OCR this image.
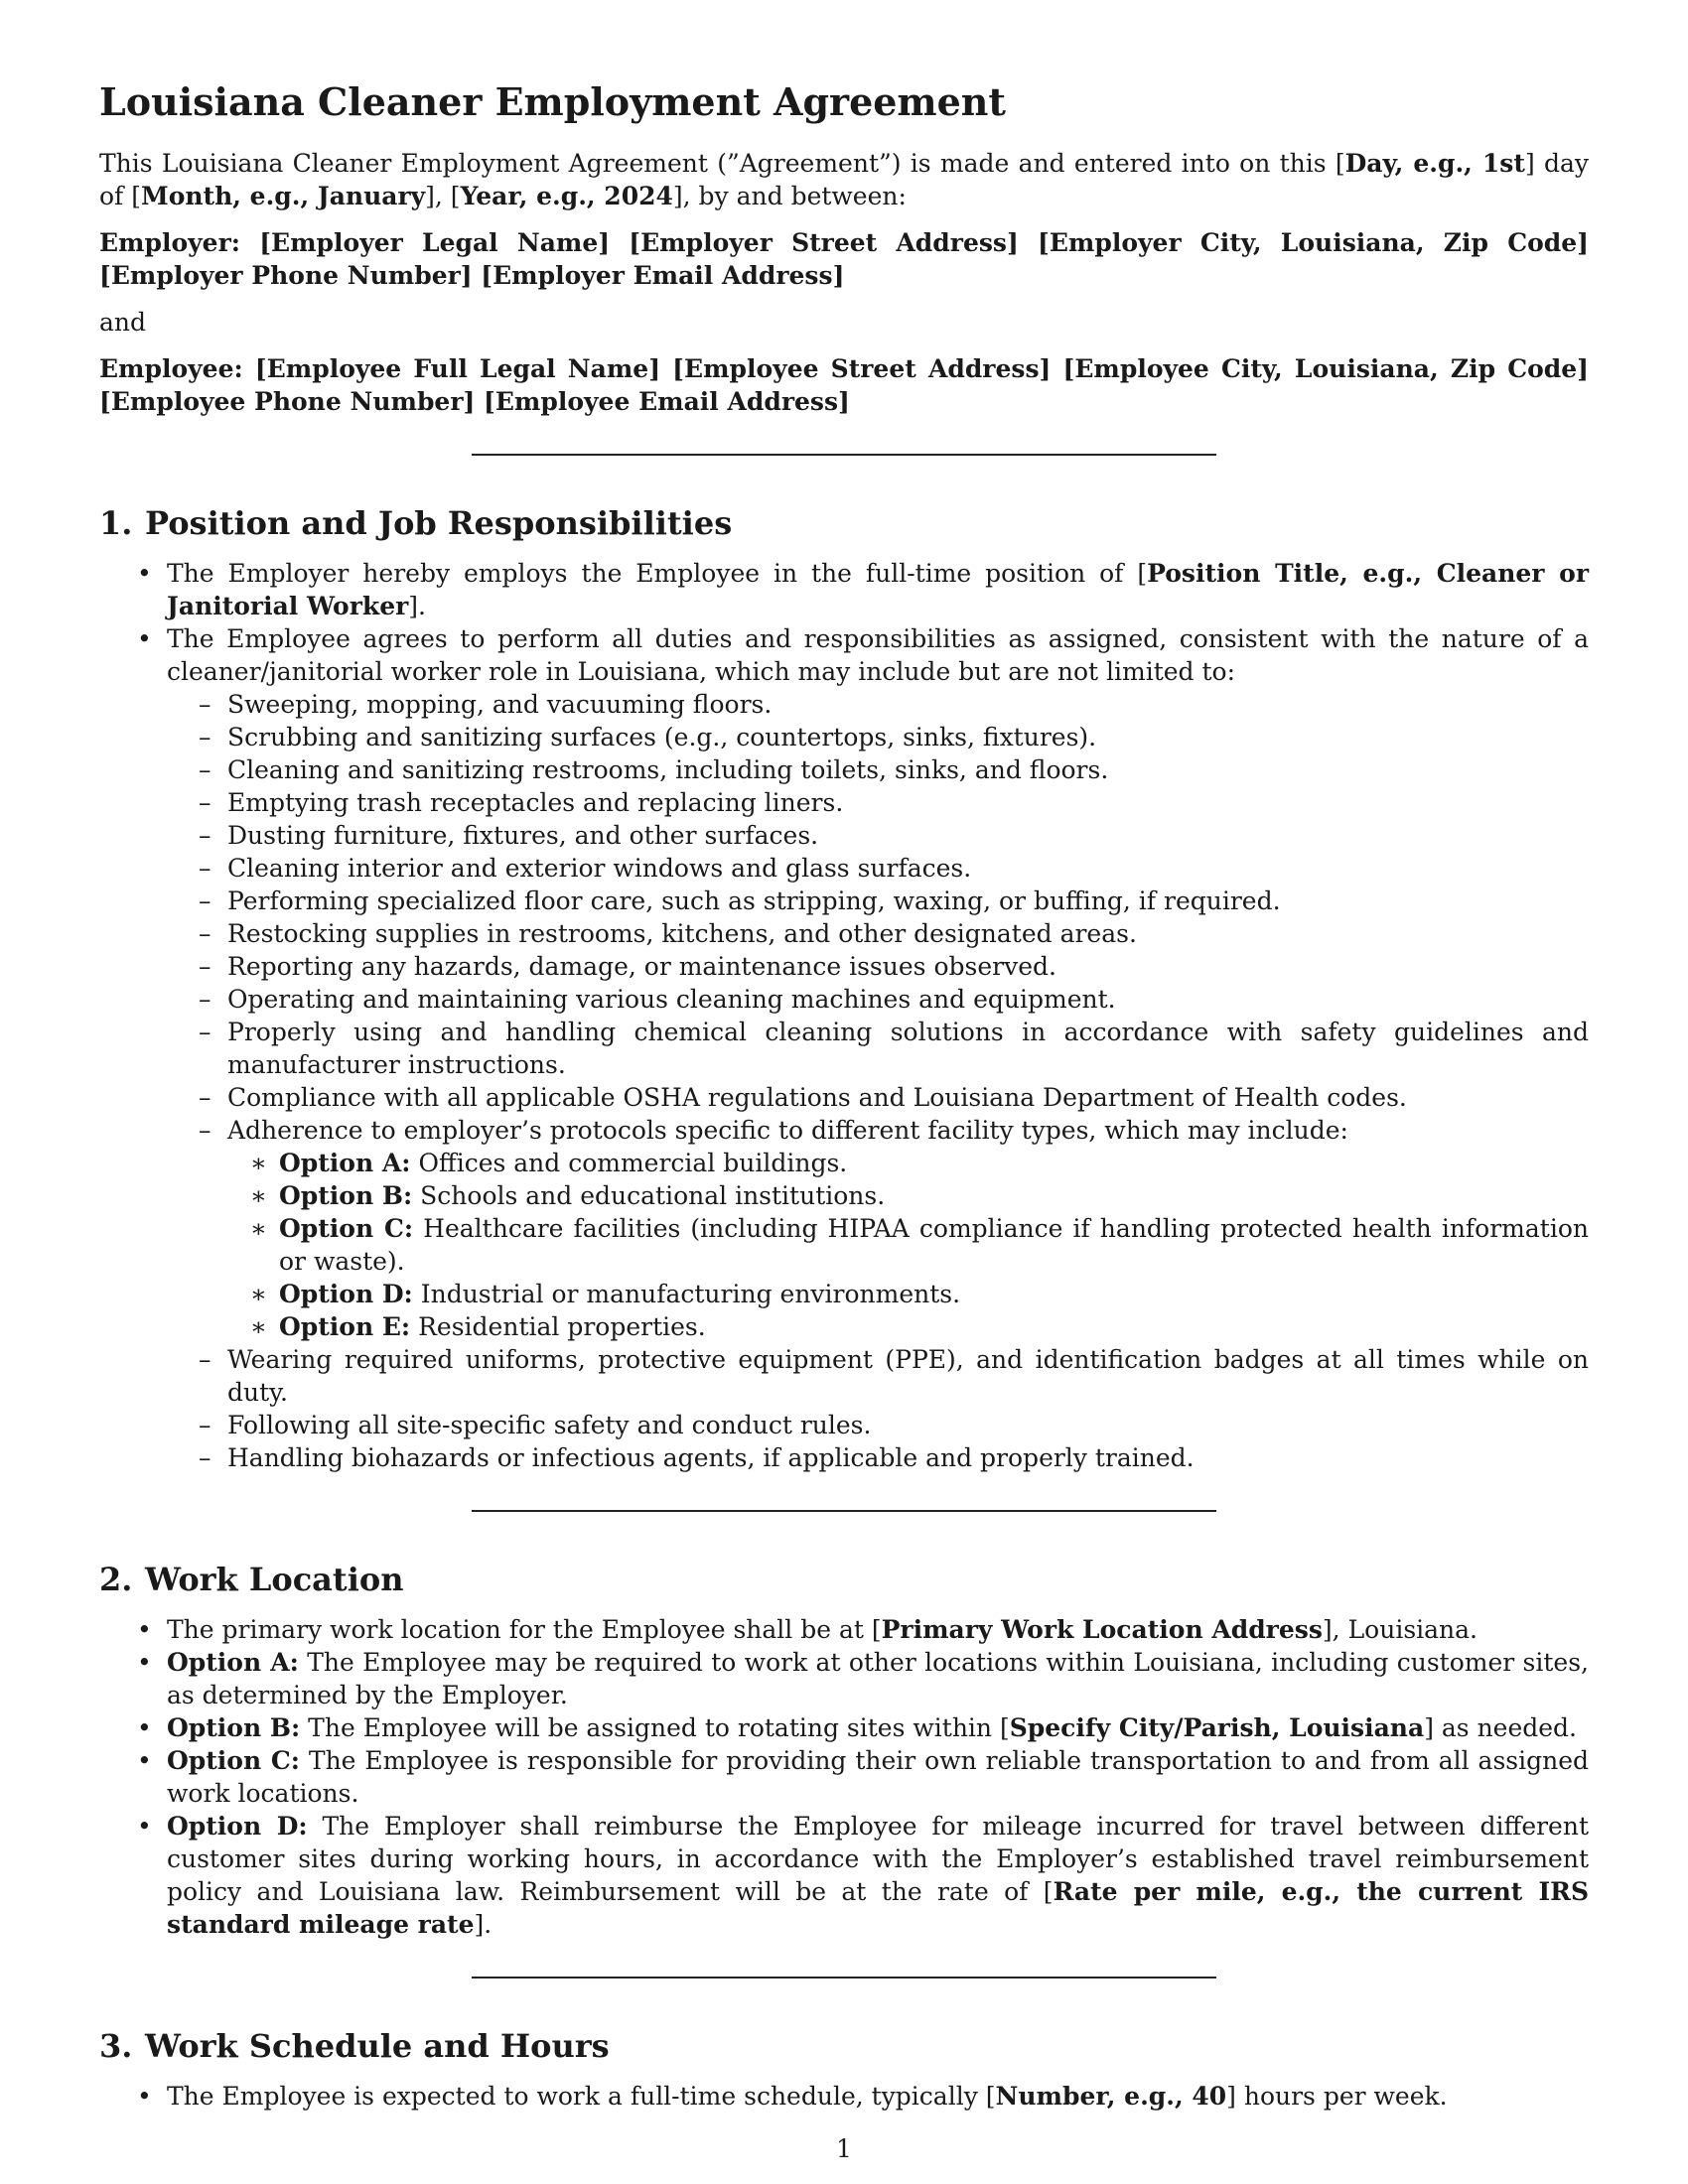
Louisiana Cleaner Employment Agreement

This Louisiana Cleaner Employment Agreement (”Agreement”) is made and entered into on this [Day, e.g., 1st] day of [Month, e.g., January], [Year, e.g., 2024], by and between:

Employer: [Employer Legal Name] [Employer Street Address] [Employer City, Louisiana, Zip Code] [Employer Phone Number] [Employer Email Address]

and

Employee: [Employee Full Legal Name] [Employee Street Address] [Employee City, Louisiana, Zip Code] [Employee Phone Number] [Employee Email Address]

1. Position and Job Responsibilities
• The Employer hereby employs the Employee in the full-time position of [Position Title, e.g., Cleaner or Janitorial Worker].
• The Employee agrees to perform all duties and responsibilities as assigned, consistent with the nature of a cleaner/janitorial worker role in Louisiana, which may include but are not limited to:
– Sweeping, mopping, and vacuuming floors.
– Scrubbing and sanitizing surfaces (e.g., countertops, sinks, fixtures).
– Cleaning and sanitizing restrooms, including toilets, sinks, and floors.
– Emptying trash receptacles and replacing liners.
– Dusting furniture, fixtures, and other surfaces.
– Cleaning interior and exterior windows and glass surfaces.
– Performing specialized floor care, such as stripping, waxing, or buffing, if required.
– Restocking supplies in restrooms, kitchens, and other designated areas.
– Reporting any hazards, damage, or maintenance issues observed.
– Operating and maintaining various cleaning machines and equipment.
– Properly using and handling chemical cleaning solutions in accordance with safety guidelines and manufacturer instructions.
– Compliance with all applicable OSHA regulations and Louisiana Department of Health codes.
– Adherence to employer’s protocols specific to different facility types, which may include:
∗ Option A: Offices and commercial buildings.
∗ Option B: Schools and educational institutions.
∗ Option C: Healthcare facilities (including HIPAA compliance if handling protected health information or waste).
∗ Option D: Industrial or manufacturing environments.
∗ Option E: Residential properties.
– Wearing required uniforms, protective equipment (PPE), and identification badges at all times while on duty.
– Following all site-specific safety and conduct rules.
– Handling biohazards or infectious agents, if applicable and properly trained.
2. Work Location
• The primary work location for the Employee shall be at [Primary Work Location Address], Louisiana.
• Option A: The Employee may be required to work at other locations within Louisiana, including customer sites, as determined by the Employer.
• Option B: The Employee will be assigned to rotating sites within [Specify City/Parish, Louisiana] as needed.
• Option C: The Employee is responsible for providing their own reliable transportation to and from all assigned work locations.
• Option D: The Employer shall reimburse the Employee for mileage incurred for travel between different customer sites during working hours, in accordance with the Employer’s established travel reimbursement policy and Louisiana law. Reimbursement will be at the rate of [Rate per mile, e.g., the current IRS standard mileage rate].
3. Work Schedule and Hours
• The Employee is expected to work a full-time schedule, typically [Number, e.g., 40] hours per week.
1
